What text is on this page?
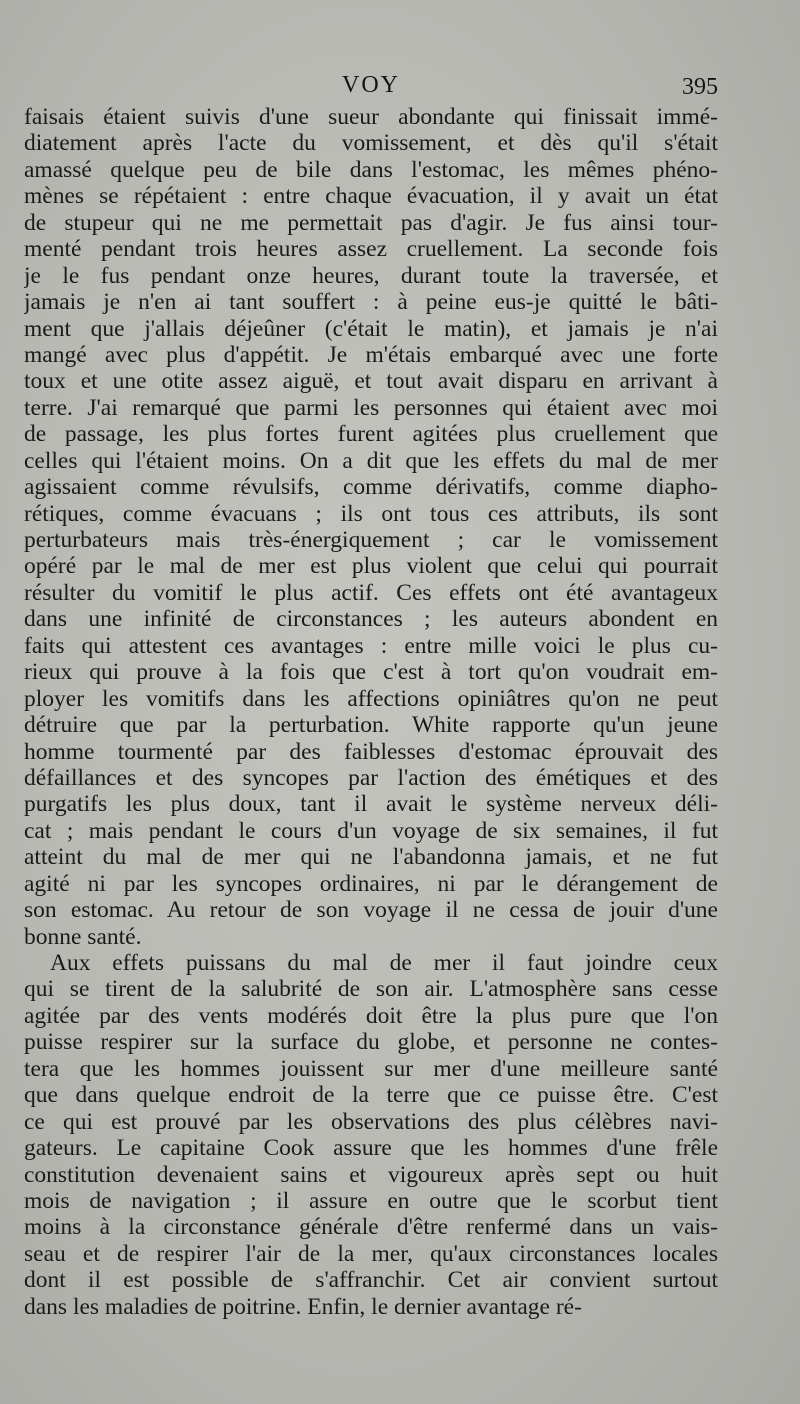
VOY	395
faisais étaient suivis d'une sueur abondante qui finissait immé-
diatement après l'acte du vomissement, et dès qu'il s'était
amassé quelque peu de bile dans l'estomac, les mêmes phéno-
mènes se répétaient : entre chaque évacuation, il y avait un état
de stupeur qui ne me permettait pas d'agir. Je fus ainsi tour-
menté pendant trois heures assez cruellement. La seconde fois
je le fus pendant onze heures, durant toute la traversée, et
jamais je n'en ai tant souffert : à peine eus-je quitté le bâti-
ment que j'allais déjeûner (c'était le matin), et jamais je n'ai
mangé avec plus d'appétit. Je m'étais embarqué avec une forte
toux et une otite assez aiguë, et tout avait disparu en arrivant à
terre. J'ai remarqué que parmi les personnes qui étaient avec moi
de passage, les plus fortes furent agitées plus cruellement que
celles qui l'étaient moins. On a dit que les effets du mal de mer
agissaient comme révulsifs, comme dérivatifs, comme diapho-
rétiques, comme évacuans ; ils ont tous ces attributs, ils sont
perturbateurs mais très-énergiquement ; car le vomissement
opéré par le mal de mer est plus violent que celui qui pourrait
résulter du vomitif le plus actif. Ces effets ont été avantageux
dans une infinité de circonstances ; les auteurs abondent en
faits qui attestent ces avantages : entre mille voici le plus cu-
rieux qui prouve à la fois que c'est à tort qu'on voudrait em-
ployer les vomitifs dans les affections opiniâtres qu'on ne peut
détruire que par la perturbation. White rapporte qu'un jeune
homme tourmenté par des faiblesses d'estomac éprouvait des
défaillances et des syncopes par l'action des émétiques et des
purgatifs les plus doux, tant il avait le système nerveux déli-
cat ; mais pendant le cours d'un voyage de six semaines, il fut
atteint du mal de mer qui ne l'abandonna jamais, et ne fut
agité ni par les syncopes ordinaires, ni par le dérangement de
son estomac. Au retour de son voyage il ne cessa de jouir d'une
bonne santé.
Aux effets puissans du mal de mer il faut joindre ceux
qui se tirent de la salubrité de son air. L'atmosphère sans cesse
agitée par des vents modérés doit être la plus pure que l'on
puisse respirer sur la surface du globe, et personne ne contes-
tera que les hommes jouissent sur mer d'une meilleure santé
que dans quelque endroit de la terre que ce puisse être. C'est
ce qui est prouvé par les observations des plus célèbres navi-
gateurs. Le capitaine Cook assure que les hommes d'une frêle
constitution devenaient sains et vigoureux après sept ou huit
mois de navigation ; il assure en outre que le scorbut tient
moins à la circonstance générale d'être renfermé dans un vais-
seau et de respirer l'air de la mer, qu'aux circonstances locales
dont il est possible de s'affranchir. Cet air convient surtout
dans les maladies de poitrine. Enfin, le dernier avantage ré-
